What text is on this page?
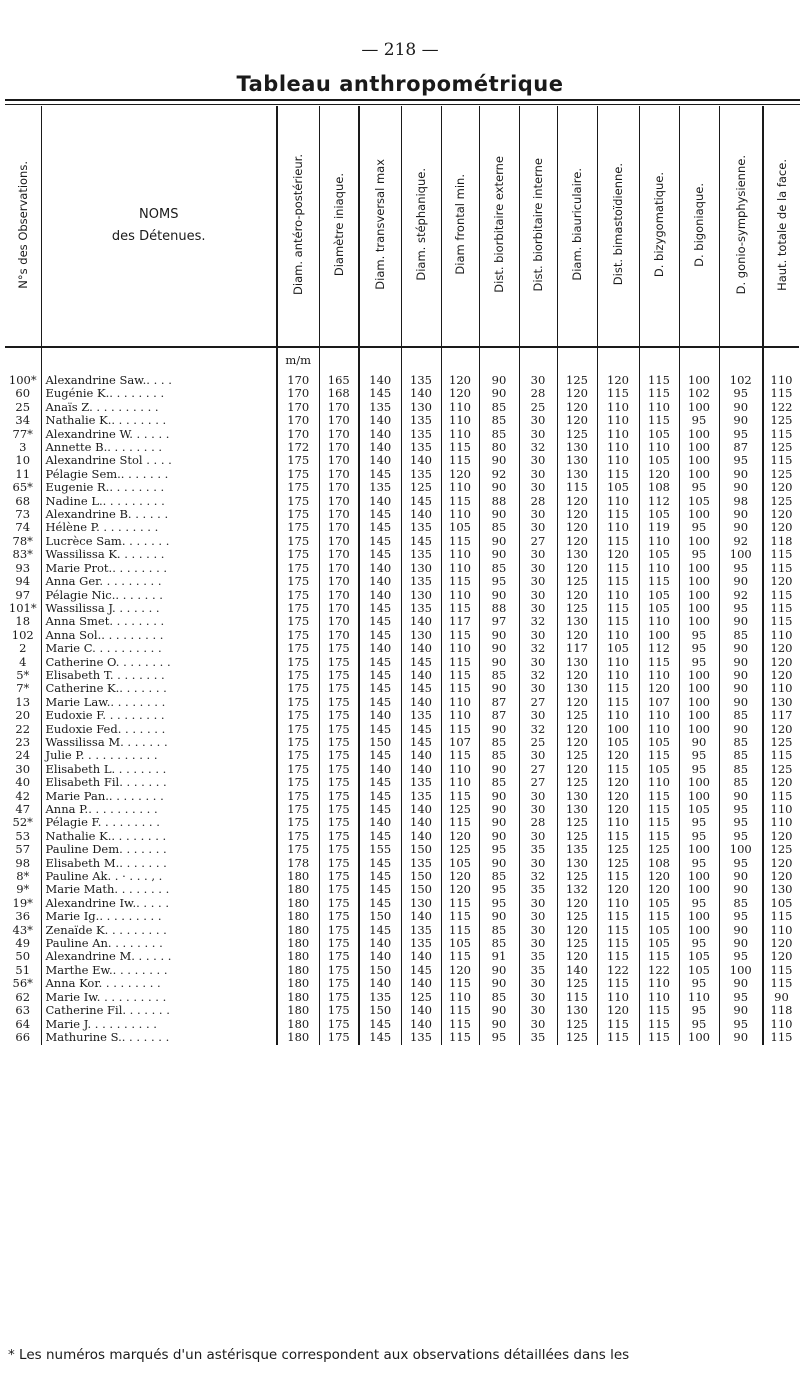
— 218 —
Tableau anthropométrique
N°s des Observations.	NOMS
des Détenues.	Diam. antéro-postérieur.	Diamètre iniaque.	Diam. transversal max	Diam. stéphanique.	Diam frontal min.	Dist. biorbitaire externe	Dist. biorbitaire interne	Diam. biauriculaire.	Dist. bimastoïdienne.	D. bizygomatique.	D. bigoniaque.	D. gonio-symphysienne.	Haut. totale de la face.
		m/m												
100*	Alexandrine Saw.. . . .	170	165	140	135	120	90	30	125	120	115	100	102	110
60	Eugénie K.. . . . . . . .	170	168	145	140	120	90	28	120	115	115	102	95	115
25	Anaïs Z. . . . . . . . . .	170	170	135	130	110	85	25	120	110	110	100	90	122
34	Nathalie K.. . . . . . . .	170	170	140	135	110	85	30	120	110	115	95	90	125
77*	Alexandrine W. . . . . .	170	170	140	135	110	85	30	125	110	105	100	95	115
3	Annette B.. . . . . . . .	172	170	140	135	115	80	32	130	110	110	100	87	125
10	Alexandrine Stol . . . .	175	170	140	140	115	90	30	130	110	105	100	95	115
11	Pélagie Sem.. . . . . . .	175	170	145	135	120	92	30	130	115	120	100	90	125
65*	Eugenie R.. . . . . . . .	175	170	135	125	110	90	30	115	105	108	95	90	120
68	Nadine L.. . . . . . . . .	175	170	140	145	115	88	28	120	110	112	105	98	125
73	Alexandrine B. . . . . .	175	170	145	140	110	90	30	120	115	105	100	90	120
74	Hélène P. . . . . . . . .	175	170	145	135	105	85	30	120	110	119	95	90	120
78*	Lucrèce Sam. . . . . . .	175	170	145	145	115	90	27	120	115	110	100	92	118
83*	Wassilissa K. . . . . . .	175	170	145	135	110	90	30	130	120	105	95	100	115
93	Marie Prot.. . . . . . . .	175	170	140	130	110	85	30	120	115	110	100	95	115
94	Anna Ger. . . . . . . . .	175	170	140	135	115	95	30	125	115	115	100	90	120
97	Pélagie Nic.. . . . . . .	175	170	140	130	110	90	30	120	110	105	100	92	115
101*	Wassilissa J. . . . . . .	175	170	145	135	115	88	30	125	115	105	100	95	115
18	Anna Smet. . . . . . . .	175	170	145	140	117	97	32	130	115	110	100	90	115
102	Anna Sol.. . . . . . . . .	175	170	145	130	115	90	30	120	110	100	95	85	110
2	Marie C. . . . . . . . . .	175	175	140	140	110	90	32	117	105	112	95	90	120
4	Catherine O. . . . . . . .	175	175	145	145	115	90	30	130	110	115	95	90	120
5*	Elisabeth T. . . . . . . .	175	175	145	140	115	85	32	120	110	110	100	90	120
7*	Catherine K.. . . . . . .	175	175	145	145	115	90	30	130	115	120	100	90	110
13	Marie Law.. . . . . . . .	175	175	145	140	110	87	27	120	115	107	100	90	130
20	Eudoxie F. . . . . . . . .	175	175	140	135	110	87	30	125	110	110	100	85	117
22	Eudoxie Fed. . . . . . .	175	175	145	145	115	90	32	120	100	110	100	90	120
23	Wassilissa M. . . . . . .	175	175	150	145	107	85	25	120	105	105	90	85	125
24	Julie P. . . . . . . . . . .	175	175	145	140	115	85	30	125	120	115	95	85	115
30	Elisabeth L. . . . . . . .	175	175	140	140	110	90	27	120	115	105	95	85	125
40	Elisabeth Fil. . . . . . .	175	175	145	135	110	85	27	125	120	110	100	85	120
42	Marie Pan.. . . . . . . .	175	175	145	135	115	90	30	130	120	115	100	90	115
47	Anna P.. . . . . . . . . .	175	175	145	140	125	90	30	130	120	115	105	95	110
52*	Pélagie F. . . . . . . . .	175	175	140	140	115	90	28	125	110	115	95	95	110
53	Nathalie K.. . . . . . . .	175	175	145	140	120	90	30	125	115	115	95	95	120
57	Pauline Dem. . . . . . .	175	175	155	150	125	95	35	135	125	125	100	100	125
98	Elisabeth M.. . . . . . .	178	175	145	135	105	90	30	130	125	108	95	95	120
8*	Pauline Ak. . · . . . , .	180	175	145	150	120	85	32	125	115	120	100	90	120
9*	Marie Math. . . . . . . .	180	175	145	150	120	95	35	132	120	120	100	90	130
19*	Alexandrine Iw.. . . . .	180	175	145	130	115	95	30	120	110	105	95	85	105
36	Marie Ig.. . . . . . . . .	180	175	150	140	115	90	30	125	115	115	100	95	115
43*	Zenaïde K. . . . . . . . .	180	175	145	135	115	85	30	120	115	105	100	90	110
49	Pauline An. . . . . . . .	180	175	140	135	105	85	30	125	115	105	95	90	120
50	Alexandrine M. . . . . .	180	175	140	140	115	91	35	120	115	115	105	95	120
51	Marthe Ew.. . . . . . . .	180	175	150	145	120	90	35	140	122	122	105	100	115
56*	Anna Kor. . . . . . . . .	180	175	140	140	115	90	30	125	115	110	95	90	115
62	Marie Iw. . . . . . . . . .	180	175	135	125	110	85	30	115	110	110	110	95	90
63	Catherine Fil. . . . . . .	180	175	150	140	115	90	30	130	120	115	95	90	118
64	Marie J. . . . . . . . . .	180	175	145	140	115	90	30	125	115	115	95	95	110
66	Mathurine S.. . . . . . .	180	175	145	135	115	95	35	125	115	115	100	90	115
* Les numéros marqués d'un astérisque correspondent aux observations détaillées dans les
